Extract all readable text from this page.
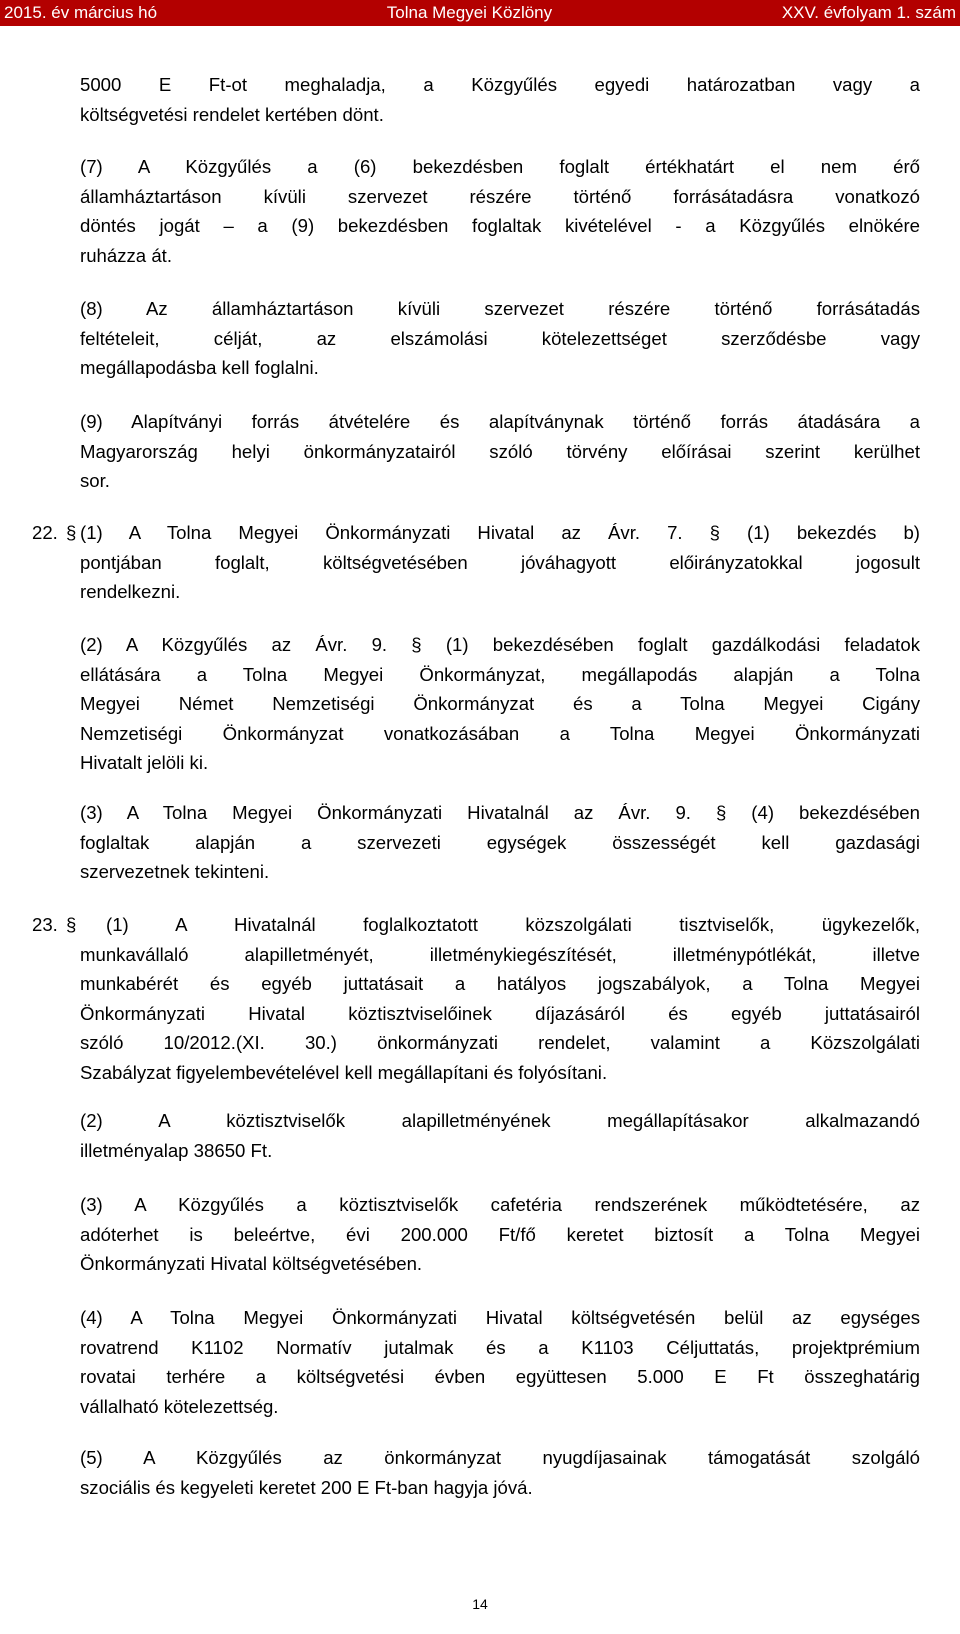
2015. év március hó	Tolna Megyei Közlöny	XXV. évfolyam 1. szám
5000 E Ft-ot meghaladja, a Közgyűlés egyedi határozatban vagy a
költségvetési rendelet kertében dönt.
(7) A Közgyűlés a (6) bekezdésben foglalt értékhatárt el nem érő
államháztartáson kívüli szervezet részére történő forrásátadásra vonatkozó
döntés jogát – a (9) bekezdésben foglaltak kivételével - a Közgyűlés elnökére
ruházza át.
(8) Az államháztartáson kívüli szervezet részére történő forrásátadás
feltételeit, célját, az elszámolási kötelezettséget szerződésbe vagy
megállapodásba kell foglalni.
(9) Alapítványi forrás átvételére és alapítványnak történő forrás átadására a
Magyarország helyi önkormányzatairól szóló törvény előírásai szerint kerülhet
sor.
22. § (1) A Tolna Megyei Önkormányzati Hivatal az Ávr. 7. § (1) bekezdés b)
pontjában foglalt, költségvetésében jóváhagyott előirányzatokkal jogosult
rendelkezni.
(2) A Közgyűlés az Ávr. 9. § (1) bekezdésében foglalt gazdálkodási feladatok
ellátására a Tolna Megyei Önkormányzat, megállapodás alapján a Tolna
Megyei Német Nemzetiségi Önkormányzat és a Tolna Megyei Cigány
Nemzetiségi Önkormányzat vonatkozásában a Tolna Megyei Önkormányzati
Hivatalt jelöli ki.
(3) A Tolna Megyei Önkormányzati Hivatalnál az Ávr. 9. § (4) bekezdésében
foglaltak alapján a szervezeti egységek összességét kell gazdasági
szervezetnek tekinteni.
23. §	(1) A Hivatalnál foglalkoztatott közszolgálati tisztviselők, ügykezelők,
munkavállaló alapilletményét, illetménykiegészítését, illetménypótlékát, illetve
munkabérét és egyéb juttatásait a hatályos jogszabályok, a Tolna Megyei
Önkormányzati Hivatal köztisztviselőinek díjazásáról és egyéb juttatásairól
szóló 10/2012.(XI. 30.) önkormányzati rendelet, valamint a Közszolgálati
Szabályzat figyelembevételével kell megállapítani és folyósítani.
(2) A köztisztviselők alapilletményének megállapításakor alkalmazandó
illetményalap 38650 Ft.
(3) A Közgyűlés a köztisztviselők cafetéria rendszerének működtetésére, az
adóterhet is beleértve, évi 200.000 Ft/fő keretet biztosít a Tolna Megyei
Önkormányzati Hivatal költségvetésében.
(4) A Tolna Megyei Önkormányzati Hivatal költségvetésén belül az egységes
rovatrend K1102 Normatív jutalmak és a K1103 Céljuttatás, projektprémium
rovatai terhére a költségvetési évben együttesen 5.000 E Ft összeghatárig
vállalható kötelezettség.
(5) A Közgyűlés az önkormányzat nyugdíjasainak támogatását szolgáló
szociális és kegyeleti keretet 200 E Ft-ban hagyja jóvá.
14
